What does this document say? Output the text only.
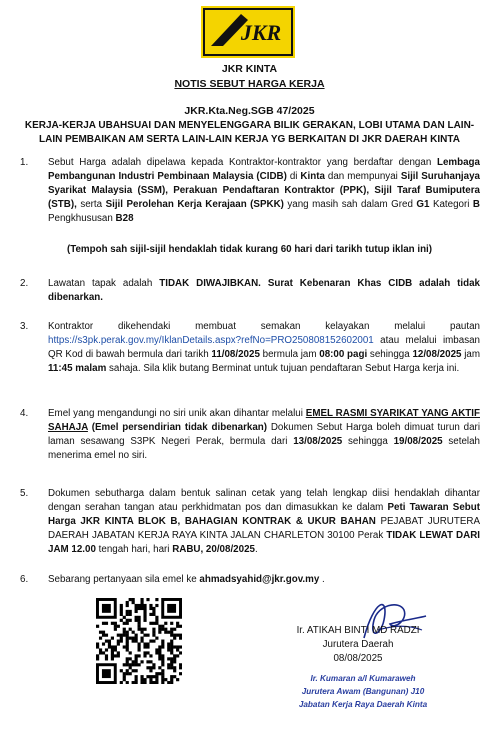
JKR
JKR KINTA
NOTIS SEBUT HARGA KERJA
JKR.Kta.Neg.SGB 47/2025
KERJA-KERJA UBAHSUAI DAN MENYELENGGARA BILIK GERAKAN, LOBI UTAMA DAN LAIN-
LAIN PEMBAIKAN AM SERTA LAIN-LAIN KERJA YG BERKAITAN DI JKR DAERAH KINTA
1. Sebut Harga adalah dipelawa kepada Kontraktor-kontraktor yang berdaftar dengan Lembaga Pembangunan Industri Pembinaan Malaysia (CIDB) di Kinta dan mempunyai Sijil Suruhanjaya Syarikat Malaysia (SSM), Perakuan Pendaftaran Kontraktor (PPK), Sijil Taraf Bumiputera (STB), serta Sijil Perolehan Kerja Kerajaan (SPKK) yang masih sah dalam Gred G1 Kategori B Pengkhususan B28
(Tempoh sah sijil-sijil hendaklah tidak kurang 60 hari dari tarikh tutup iklan ini)
2. Lawatan tapak adalah TIDAK DIWAJIBKAN. Surat Kebenaran Khas CIDB adalah tidak dibenarkan.
3. Kontraktor dikehendaki membuat semakan kelayakan melalui pautan https://s3pk.perak.gov.my/IklanDetails.aspx?refNo=PRO250808152602001 atau melalui imbasan QR Kod di bawah bermula dari tarikh 11/08/2025 bermula jam 08:00 pagi sehingga 12/08/2025 jam 11:45 malam sahaja. Sila klik butang Berminat untuk tujuan pendaftaran Sebut Harga kerja ini.
4. Emel yang mengandungi no siri unik akan dihantar melalui EMEL RASMI SYARIKAT YANG AKTIF SAHAJA (Emel persendirian tidak dibenarkan) Dokumen Sebut Harga boleh dimuat turun dari laman sesawang S3PK Negeri Perak, bermula dari 13/08/2025 sehingga 19/08/2025 setelah menerima emel no siri.
5. Dokumen sebutharga dalam bentuk salinan cetak yang telah lengkap diisi hendaklah dihantar dengan serahan tangan atau perkhidmatan pos dan dimasukkan ke dalam Peti Tawaran Sebut Harga JKR KINTA BLOK B, BAHAGIAN KONTRAK & UKUR BAHAN PEJABAT JURUTERA DAERAH JABATAN KERJA RAYA KINTA JALAN CHARLETON 30100 Perak TIDAK LEWAT DARI JAM 12.00 tengah hari, hari RABU, 20/08/2025.
6. Sebarang pertanyaan sila emel ke ahmadsyahid@jkr.gov.my .
Ir. ATIKAH BINTI MD RADZI
Jurutera Daerah
08/08/2025
Ir. Kumaran a/l Kumaraweh
Jurutera Awam (Bangunan) J10
Jabatan Kerja Raya Daerah Kinta
